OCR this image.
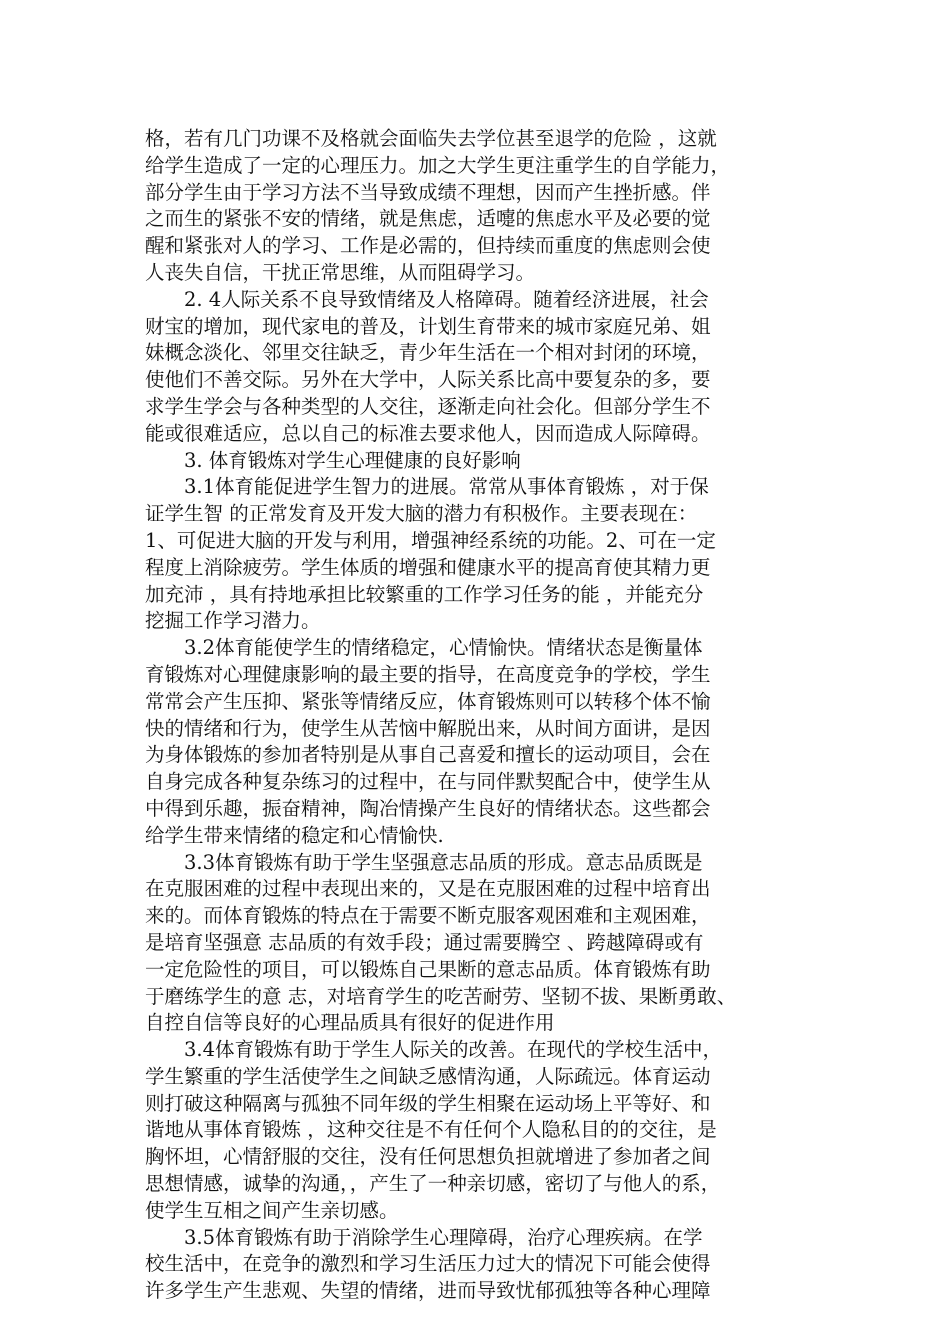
格，若有几门功课不及格就会面临失去学位甚至退学的危险 ，这就
给学生造成了一定的心理压力。加之大学生更注重学生的自学能力，
部分学生由于学习方法不当导致成绩不理想，因而产生挫折感。伴
之而生的紧张不安的情绪，就是焦虑，适嚏的焦虑水平及必要的觉
醒和紧张对人的学习、工作是必需的，但持续而重度的焦虑则会使
人丧失自信，干扰正常思维，从而阻碍学习。
2. 4人际关系不良导致情绪及人格障碍。随着经济进展，社会
财宝的增加，现代家电的普及，计划生育带来的城市家庭兄弟、姐
妹概念淡化、邻里交往缺乏，青少年生活在一个相对封闭的环境，
使他们不善交际。另外在大学中，人际关系比高中要复杂的多，要
求学生学会与各种类型的人交往，逐渐走向社会化。但部分学生不
能或很难适应，总以自己的标准去要求他人，因而造成人际障碍。
3. 体育锻炼对学生心理健康的良好影响
3.1体育能促进学生智力的进展。常常从事体育锻炼 ，对于保
证学生智 的正常发育及开发大脑的潜力有积极作。主要表现在：
1、可促进大脑的开发与利用，增强神经系统的功能。2、可在一定
程度上消除疲劳。学生体质的增强和健康水平的提高育使其精力更
加充沛 ，具有持地承担比较繁重的工作学习任务的能 ，并能充分
挖掘工作学习潜力。
3.2体育能使学生的情绪稳定，心情愉快。情绪状态是衡量体
育锻炼对心理健康影响的最主要的指导，在高度竞争的学校，学生
常常会产生压抑、紧张等情绪反应，体育锻炼则可以转移个体不愉
快的情绪和行为，使学生从苦恼中解脱出来，从时间方面讲，是因
为身体锻炼的参加者特别是从事自己喜爱和擅长的运动项目，会在
自身完成各种复杂练习的过程中，在与同伴默契配合中，使学生从
中得到乐趣，振奋精神，陶冶情操产生良好的情绪状态。这些都会
给学生带来情绪的稳定和心情愉快.
3.3体育锻炼有助于学生坚强意志品质的形成。意志品质既是
在克服困难的过程中表现出来的，又是在克服困难的过程中培育出
来的。而体育锻炼的特点在于需要不断克服客观困难和主观困难，
是培育坚强意 志品质的有效手段；通过需要腾空 、跨越障碍或有
一定危险性的项目，可以锻炼自己果断的意志品质。体育锻炼有助
于磨练学生的意 志，对培育学生的吃苦耐劳、坚韧不拔、果断勇敢、
自控自信等良好的心理品质具有很好的促进作用
3.4体育锻炼有助于学生人际关的改善。在现代的学校生活中，
学生繁重的学生活使学生之间缺乏感情沟通，人际疏远。体育运动
则打破这种隔离与孤独不同年级的学生相聚在运动场上平等好、和
谐地从事体育锻炼 ，这种交往是不有任何个人隐私目的的交往，是
胸怀坦，心情舒服的交往，没有任何思想负担就增进了参加者之间
思想情感，诚挚的沟通，，产生了一种亲切感，密切了与他人的系，
使学生互相之间产生亲切感。
3.5体育锻炼有助于消除学生心理障碍，治疗心理疾病。在学
校生活中，在竞争的激烈和学习生活压力过大的情况下可能会使得
许多学生产生悲观、失望的情绪，进而导致忧郁孤独等各种心理障
